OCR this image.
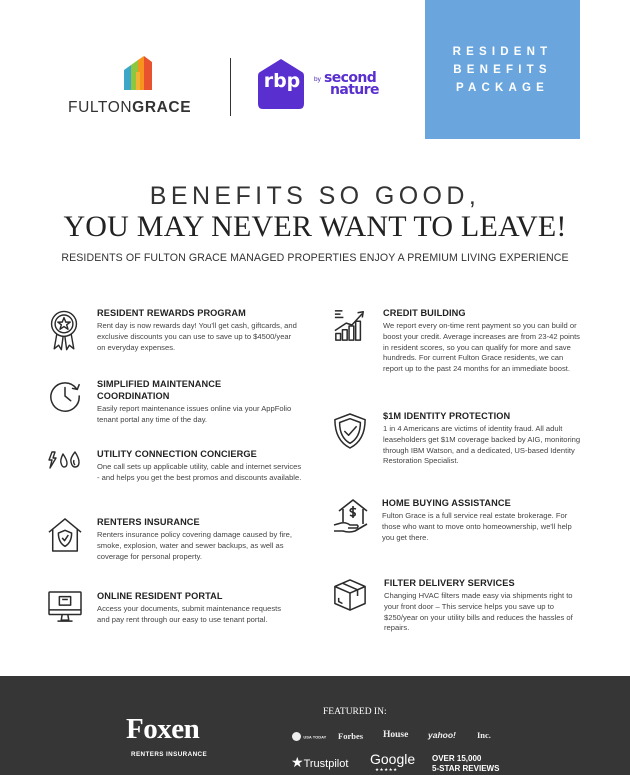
FULTONGRACE
rbp by second
nature
RESIDENT
BENEFITS
PACKAGE
BENEFITS SO GOOD,
YOU MAY NEVER WANT TO LEAVE!
RESIDENTS OF FULTON GRACE MANAGED PROPERTIES ENJOY A PREMIUM LIVING EXPERIENCE
RESIDENT REWARDS PROGRAM
Rent day is now rewards day! You'll get cash, giftcards, and exclusive discounts you can use to save up to $4500/year on everyday expenses.
SIMPLIFIED MAINTENANCE COORDINATION
Easily report maintenance issues online via your AppFolio tenant portal any time of the day.
UTILITY CONNECTION CONCIERGE
One call sets up applicable utility, cable and internet services - and helps you get the best promos and discounts available.
RENTERS INSURANCE
Renters insurance policy covering damage caused by fire, smoke, explosion, water and sewer backups, as well as coverage for personal property.
ONLINE RESIDENT PORTAL
Access your documents, submit maintenance requests and pay rent through our easy to use tenant portal.
CREDIT BUILDING
We report every on-time rent payment so you can build or boost your credit. Average increases are from 23-42 points in resident scores, so you can qualify for more and save hundreds. For current Fulton Grace residents, we can report up to the past 24 months for an immediate boost.
$1M IDENTITY PROTECTION
1 in 4 Americans are victims of identity fraud. All adult leaseholders get $1M coverage backed by AIG, monitoring through IBM Watson, and a dedicated, US-based Identity Restoration Specialist.
HOME BUYING ASSISTANCE
Fulton Grace is a full service real estate brokerage. For those who want to move onto homeownership, we'll help you get there.
FILTER DELIVERY SERVICES
Changing HVAC filters made easy via shipments right to your front door – This service helps you save up to $250/year on your utility bills and reduces the hassles of repairs.
Foxen
RENTERS INSURANCE
FEATURED IN:
USA TODAY Forbes House yahoo! Inc.
★Trustpilot Google
★★★★★
OVER 15,000
5-STAR REVIEWS
